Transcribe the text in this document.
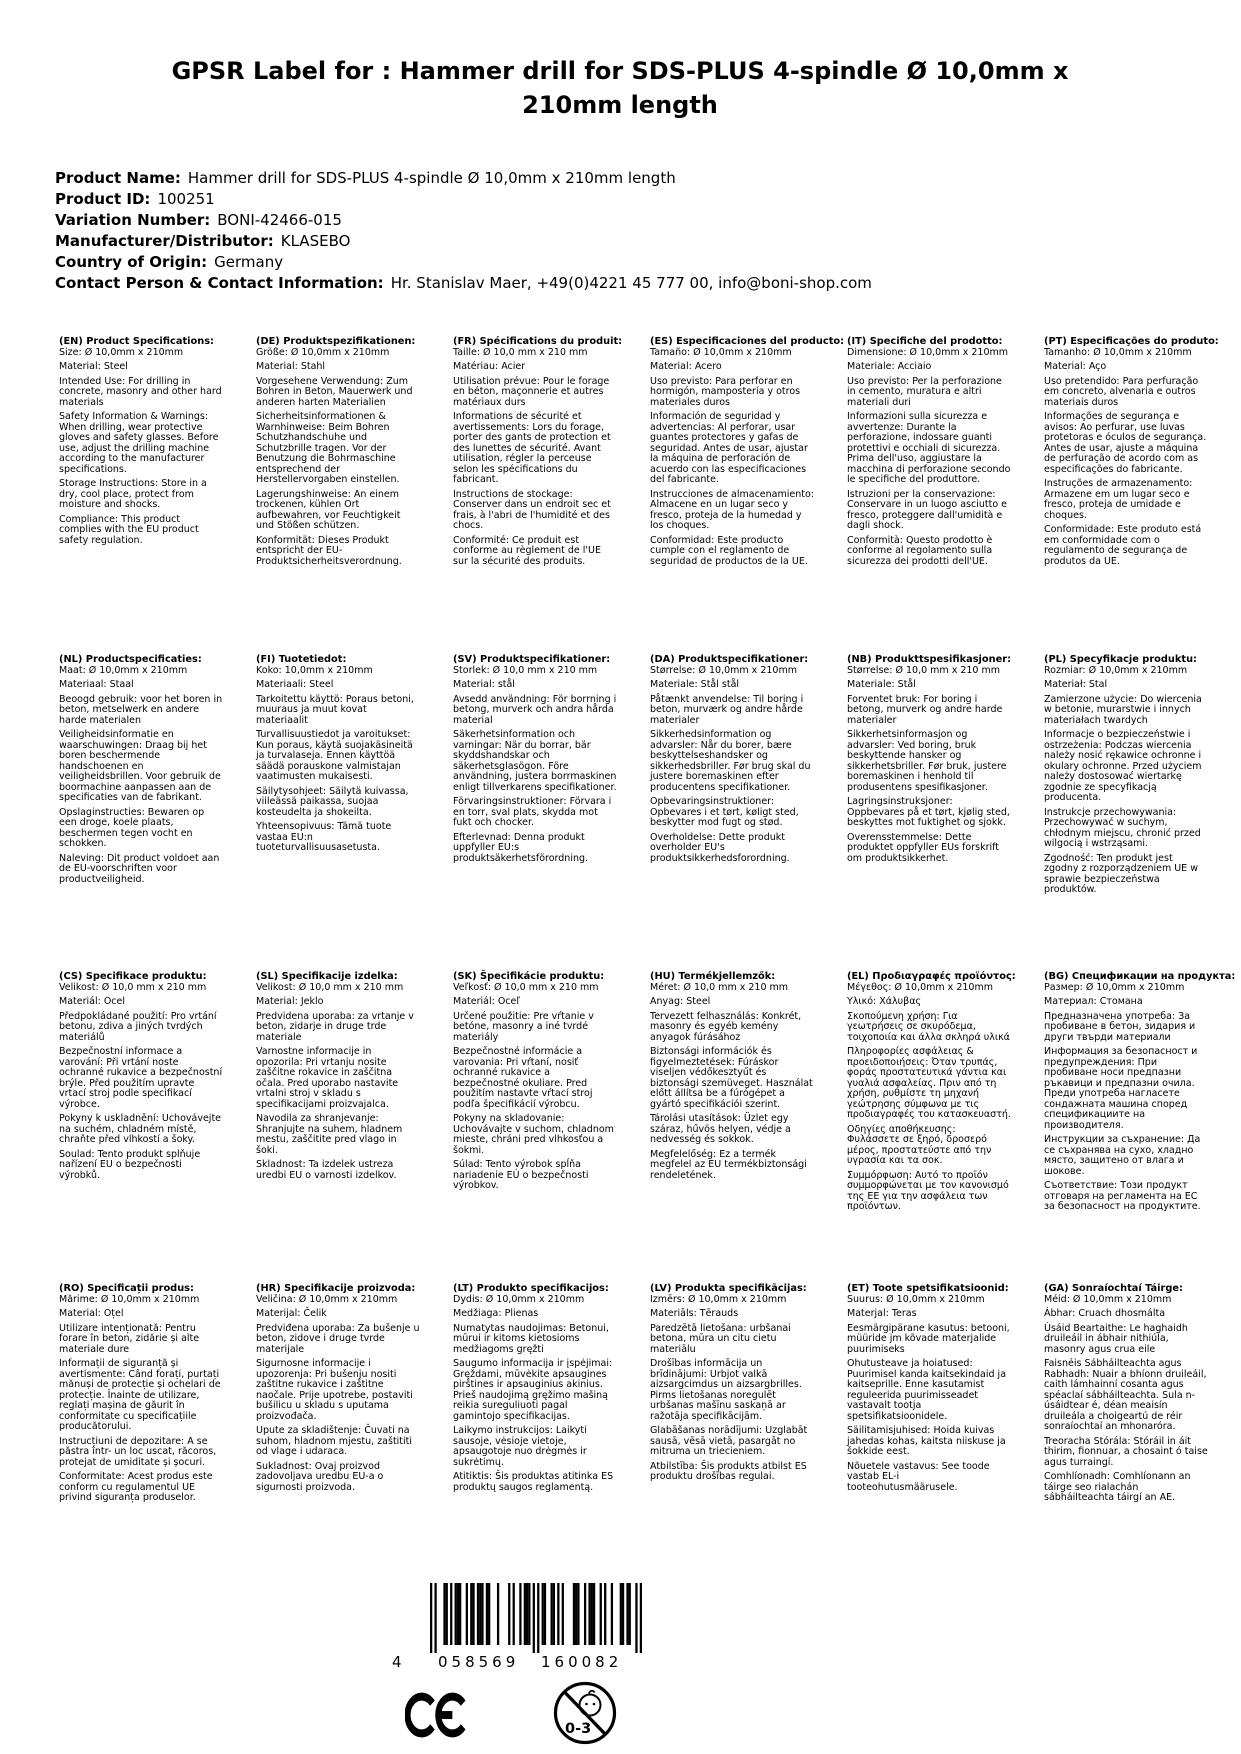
GPSR Label for : Hammer drill for SDS-PLUS 4-spindle Ø 10,0mm x 210mm length
Product Name: Hammer drill for SDS-PLUS 4-spindle Ø 10,0mm x 210mm length
Product ID: 100251
Variation Number: BONI-42466-015
Manufacturer/Distributor: KLASEBO
Country of Origin: Germany
Contact Person & Contact Information: Hr. Stanislav Maer, +49(0)4221 45 777 00, info@boni-shop.com
(EN) Product Specifications:

Size: Ø 10,0mm x 210mm

Material: Steel

Intended Use: For drilling in concrete, masonry and other hard materials

Safety Information & Warnings: When drilling, wear protective gloves and safety glasses. Before use, adjust the drilling machine according to the manufacturer specifications.

Storage Instructions: Store in a dry, cool place, protect from moisture and shocks.

Compliance: This product complies with the EU product safety regulation.

(DE) Produktspezifikationen:

Größe: Ø 10,0mm x 210mm

Material: Stahl

Vorgesehene Verwendung: Zum Bohren in Beton, Mauerwerk und anderen harten Materialien

Sicherheitsinformationen & Warnhinweise: Beim Bohren Schutzhandschuhe und Schutzbrille tragen. Vor der Benutzung die Bohrmaschine entsprechend der Herstellervorgaben einstellen.

Lagerungshinweise: An einem trockenen, kühlen Ort aufbewahren, vor Feuchtigkeit und Stößen schützen.

Konformität: Dieses Produkt entspricht der EU-Produktsicherheitsverordnung.

(FR) Spécifications du produit:

Taille: Ø 10,0 mm x 210 mm

Matériau: Acier

Utilisation prévue: Pour le forage en béton, maçonnerie et autres matériaux durs

Informations de sécurité et avertissements: Lors du forage, porter des gants de protection et des lunettes de sécurité. Avant utilisation, régler la perceuse selon les spécifications du fabricant.

Instructions de stockage: Conserver dans un endroit sec et frais, à l'abri de l'humidité et des chocs.

Conformité: Ce produit est conforme au règlement de l'UE sur la sécurité des produits.

(ES) Especificaciones del producto:

Tamaño: Ø 10,0mm x 210mm

Material: Acero

Uso previsto: Para perforar en hormigón, mampostería y otros materiales duros

Información de seguridad y advertencias: Al perforar, usar guantes protectores y gafas de seguridad. Antes de usar, ajustar la máquina de perforación de acuerdo con las especificaciones del fabricante.

Instrucciones de almacenamiento: Almacene en un lugar seco y fresco, proteja de la humedad y los choques.

Conformidad: Este producto cumple con el reglamento de seguridad de productos de la UE.

(IT) Specifiche del prodotto:

Dimensione: Ø 10,0mm x 210mm

Materiale: Acciaio

Uso previsto: Per la perforazione in cemento, muratura e altri materiali duri

Informazioni sulla sicurezza e avvertenze: Durante la perforazione, indossare guanti protettivi e occhiali di sicurezza. Prima dell'uso, aggiustare la macchina di perforazione secondo le specifiche del produttore.

Istruzioni per la conservazione: Conservare in un luogo asciutto e fresco, proteggere dall'umidità e dagli shock.

Conformità: Questo prodotto è conforme al regolamento sulla sicurezza dei prodotti dell'UE.

(PT) Especificações do produto:

Tamanho: Ø 10,0mm x 210mm

Material: Aço

Uso pretendido: Para perfuração em concreto, alvenaria e outros materiais duros

Informações de segurança e avisos: Ao perfurar, use luvas protetoras e óculos de segurança. Antes de usar, ajuste a máquina de perfuração de acordo com as especificações do fabricante.

Instruções de armazenamento: Armazene em um lugar seco e fresco, proteja de umidade e choques.

Conformidade: Este produto está em conformidade com o regulamento de segurança de produtos da UE.

(NL) Productspecificaties:

Maat: Ø 10,0mm x 210mm

Materiaal: Staal

Beoogd gebruik: voor het boren in beton, metselwerk en andere harde materialen

Veiligheidsinformatie en waarschuwingen: Draag bij het boren beschermende handschoenen en veiligheidsbrillen. Voor gebruik de boormachine aanpassen aan de specificaties van de fabrikant.

Opslaginstructies: Bewaren op een droge, koele plaats, beschermen tegen vocht en schokken.

Naleving: Dit product voldoet aan de EU-voorschriften voor productveiligheid.

(FI) Tuotetiedot:

Koko: 10,0mm x 210mm

Materiaali: Steel

Tarkoitettu käyttö: Poraus betoni, muuraus ja muut kovat materiaalit

Turvallisuustiedot ja varoitukset: Kun poraus, käytä suojakäsineitä ja turvalaseja. Ennen käyttöä säädä porauskone valmistajan vaatimusten mukaisesti.

Säilytysohjeet: Säilytä kuivassa, viileässä paikassa, suojaa kosteudelta ja shokeilta.

Yhteensopivuus: Tämä tuote vastaa EU:n tuoteturvallisuusasetusta.

(SV) Produktspecifikationer:

Storlek: Ø 10,0 mm x 210 mm

Material: stål

Avsedd användning: För borrning i betong, murverk och andra hårda material

Säkerhetsinformation och varningar: När du borrar, bär skyddshandskar och säkerhetsglasögon. Före användning, justera borrmaskinen enligt tillverkarens specifikationer.

Förvaringsinstruktioner: Förvara i en torr, sval plats, skydda mot fukt och chocker.

Efterlevnad: Denna produkt uppfyller EU:s produktsäkerhetsförordning.

(DA) Produktspecifikationer:

Størrelse: Ø 10,0mm x 210mm

Materiale: Stål stål

Påtænkt anvendelse: Til boring i beton, murværk og andre hårde materialer

Sikkerhedsinformation og advarsler: Når du borer, bære beskyttelseshandsker og sikkerhedsbriller. Før brug skal du justere boremaskinen efter producentens specifikationer.

Opbevaringsinstruktioner: Opbevares i et tørt, køligt sted, beskytter mod fugt og stød.

Overholdelse: Dette produkt overholder EU's produktsikkerhedsforordning.

(NB) Produkttspesifikasjoner:

Størrelse: Ø 10,0 mm x 210 mm

Materiale: Stål

Forventet bruk: For boring i betong, murverk og andre harde materialer

Sikkerhetsinformasjon og advarsler: Ved boring, bruk beskyttende hansker og sikkerhetsbriller. Før bruk, justere boremaskinen i henhold til produsentens spesifikasjoner.

Lagringsinstruksjoner: Oppbevares på et tørt, kjølig sted, beskyttes mot fuktighet og sjokk.

Overensstemmelse: Dette produktet oppfyller EUs forskrift om produktsikkerhet.

(PL) Specyfikacje produktu:

Rozmiar: Ø 10,0mm x 210mm

Materiał: Stal

Zamierzone użycie: Do wiercenia w betonie, murarstwie i innych materiałach twardych

Informacje o bezpieczeństwie i ostrzeżenia: Podczas wiercenia należy nosić rękawice ochronne i okulary ochronne. Przed użyciem należy dostosować wiertarkę zgodnie ze specyfikacją producenta.

Instrukcje przechowywania: Przechowywać w suchym, chłodnym miejscu, chronić przed wilgocią i wstrząsami.

Zgodność: Ten produkt jest zgodny z rozporządzeniem UE w sprawie bezpieczeństwa produktów.

(CS) Specifikace produktu:

Velikost: Ø 10,0 mm x 210 mm

Materiál: Ocel

Předpokládané použití: Pro vrtání betonu, zdiva a jiných tvrdých materiálů

Bezpečnostní informace a varování: Při vrtání noste ochranné rukavice a bezpečnostní brýle. Před použitím upravte vrtací stroj podle specifikací výrobce.

Pokyny k uskladnění: Uchovávejte na suchém, chladném místě, chraňte před vlhkostí a šoky.

Soulad: Tento produkt splňuje nařízení EU o bezpečnosti výrobků.

(SL) Specifikacije izdelka:

Velikost: Ø 10,0 mm x 210 mm

Material: Jeklo

Predvidena uporaba: za vrtanje v beton, zidarje in druge trde materiale

Varnostne informacije in opozorila: Pri vrtanju nosite zaščitne rokavice in zaščitna očala. Pred uporabo nastavite vrtalni stroj v skladu s specifikacijami proizvajalca.

Navodila za shranjevanje: Shranjujte na suhem, hladnem mestu, zaščitite pred vlago in šoki.

Skladnost: Ta izdelek ustreza uredbi EU o varnosti izdelkov.

(SK) Špecifikácie produktu:

Veľkosť: Ø 10,0 mm x 210 mm

Materiál: Oceľ

Určené použitie: Pre vŕtanie v betóne, masonry a iné tvrdé materiály

Bezpečnostné informácie a varovania: Pri vŕtaní, nosiť ochranné rukavice a bezpečnostné okuliare. Pred použitím nastavte vŕtací stroj podľa špecifikácií výrobcu.

Pokyny na skladovanie: Uchovávajte v suchom, chladnom mieste, chráni pred vlhkosťou a šokmi.

Súlad: Tento výrobok spĺňa nariadenie EÚ o bezpečnosti výrobkov.

(HU) Termékjellemzők:

Méret: Ø 10,0 mm x 210 mm

Anyag: Steel

Tervezett felhasználás: Konkrét, masonry és egyéb kemény anyagok fúrásához

Biztonsági információk és figyelmeztetések: Fúráskor viseljen védőkesztyűt és biztonsági szemüveget. Használat előtt állítsa be a fúrógépet a gyártó specifikációi szerint.

Tárolási utasítások: Üzlet egy száraz, hűvös helyen, védje a nedvesség és sokkok.

Megfelelőség: Ez a termék megfelel az EU termékbiztonsági rendeletének.

(EL) Προδιαγραφές προϊόντος:

Μέγεθος: Ø 10,0mm x 210mm

Υλικό: Χάλυβας

Σκοπούμενη χρήση: Για γεωτρήσεις σε σκυρόδεμα, τοιχοποιία και άλλα σκληρά υλικά

Πληροφορίες ασφάλειας & προειδοποιήσεις: Όταν τρυπάς, φοράς προστατευτικά γάντια και γυαλιά ασφαλείας. Πριν από τη χρήση, ρυθμίστε τη μηχανή γεώτρησης σύμφωνα με τις προδιαγραφές του κατασκευαστή.

Οδηγίες αποθήκευσης: Φυλάσσετε σε ξηρό, δροσερό μέρος, προστατεύστε από την υγρασία και τα σοκ.

Συμμόρφωση: Αυτό το προϊόν συμμορφώνεται με τον κανονισμό της ΕΕ για την ασφάλεια των προϊόντων.

(BG) Спецификации на продукта:

Размер: Ø 10,0mm x 210mm

Материал: Стомана

Предназначена употреба: За пробиване в бетон, зидария и други твърди материали

Информация за безопасност и предупреждения: При пробиване носи предпазни ръкавици и предпазни очила. Преди употреба нагласете сондажната машина според спецификациите на производителя.

Инструкции за съхранение: Да се съхранява на сухо, хладно място, защитено от влага и шокове.

Съответствие: Този продукт отговаря на регламента на ЕС за безопасност на продуктите.

(RO) Specificații produs:

Mărime: Ø 10,0mm x 210mm

Material: Oțel

Utilizare intenționată: Pentru forare în beton, zidărie și alte materiale dure

Informații de siguranță și avertismente: Când forați, purtați mănuși de protecție și ochelari de protecție. Înainte de utilizare, reglați mașina de găurit în conformitate cu specificațiile producătorului.

Instrucțiuni de depozitare: A se păstra într- un loc uscat, răcoros, protejat de umiditate și șocuri.

Conformitate: Acest produs este conform cu regulamentul UE privind siguranța produselor.

(HR) Specifikacije proizvoda:

Veličina: Ø 10,0mm x 210mm

Materijal: Čelik

Predviđena uporaba: Za bušenje u beton, zidove i druge tvrde materijale

Sigurnosne informacije i upozorenja: Pri bušenju nositi zaštitne rukavice i zaštitne naočale. Prije upotrebe, postaviti bušilicu u skladu s uputama proizvođača.

Upute za skladištenje: Čuvati na suhom, hladnom mjestu, zaštititi od vlage i udaraca.

Sukladnost: Ovaj proizvod zadovoljava uredbu EU-a o sigurnosti proizvoda.

(LT) Produkto specifikacijos:

Dydis: Ø 10,0mm x 210mm

Medžiaga: Plienas

Numatytas naudojimas: Betonui, mūrui ir kitoms kietosioms medžiagoms gręžti

Saugumo informacija ir įspėjimai: Gręždami, mūvėkite apsaugines pirštines ir apsauginius akinius. Prieš naudojimą gręžimo mašiną reikia sureguliuoti pagal gamintojo specifikacijas.

Laikymo instrukcijos: Laikyti sausoje, vėsioje vietoje, apsaugotoje nuo drėgmės ir sukrėtimų.

Atitiktis: Šis produktas atitinka ES produktų saugos reglamentą.

(LV) Produkta specifikācijas:

Izmērs: Ø 10,0mm x 210mm

Materiāls: Tērauds

Paredzētā lietošana: urbšanai betona, mūra un citu cietu materiālu

Drošības informācija un brīdinājumi: Urbjot valkā aizsargcimdus un aizsargbrilles. Pirms lietošanas noregulēt urbšanas mašīnu saskaņā ar ražotāja specifikācijām.

Glabāšanas norādījumi: Uzglabāt sausā, vēsā vietā, pasargāt no mitruma un triecieniem.

Atbilstība: Šis produkts atbilst ES produktu drošības regulai.

(ET) Toote spetsifikatsioonid:

Suurus: Ø 10,0mm x 210mm

Materjal: Teras

Eesmärgipärane kasutus: betooni, müüride jm kõvade materjalide puurimiseks

Ohutusteave ja hoiatused: Puurimisel kanda kaitsekindaid ja kaitseprille. Enne kasutamist reguleerida puurimisseadet vastavalt tootja spetsifikatsioonidele.

Säilitamisjuhised: Hoida kuivas jahedas kohas, kaitsta niiskuse ja šokkide eest.

Nõuetele vastavus: See toode vastab EL-i tooteohutusmäärusele.

(GA) Sonraíochtaí Táirge:

Méid: Ø 10,0mm x 210mm

Ábhar: Cruach dhosmálta

Úsáid Beartaithe: Le haghaidh druileáil in ábhair nithiúla, masonry agus crua eile

Faisnéis Sábháilteachta agus Rabhadh: Nuair a bhíonn druileáil, caith lámhainní cosanta agus spéaclaí sábháilteachta. Sula n-úsáidtear é, déan meaisín druileála a choigeartú de réir sonraíochtaí an mhonaróra.

Treoracha Stórála: Stóráil in áit thirim, fionnuar, a chosaint ó taise agus turraingí.

Comhlíonadh: Comhlíonann an táirge seo rialachán sábháilteachta táirgí an AE.

4 058569 160082
0-3
